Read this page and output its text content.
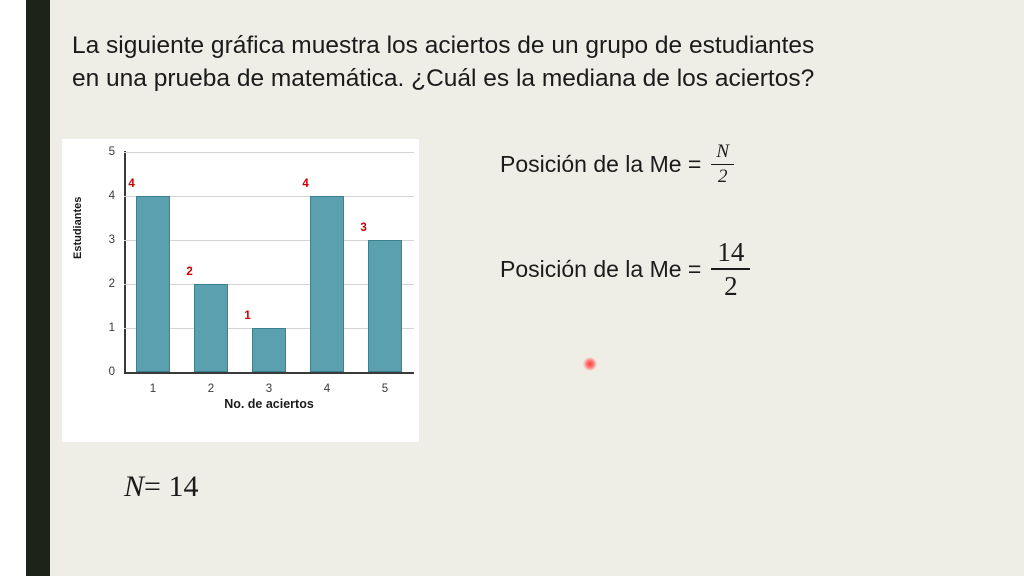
La siguiente gráfica muestra los aciertos de un grupo de estudiantes
en una prueba de matemática. ¿Cuál es la mediana de los aciertos?
Estudiantes
0
1
2
3
4
5
4
1
2
2
1
3
4
4
3
5
No. de aciertos
Posición de la $Me = \frac{N}{2}$
Posición de la $Me = \frac{14}{2}$
N= 14
